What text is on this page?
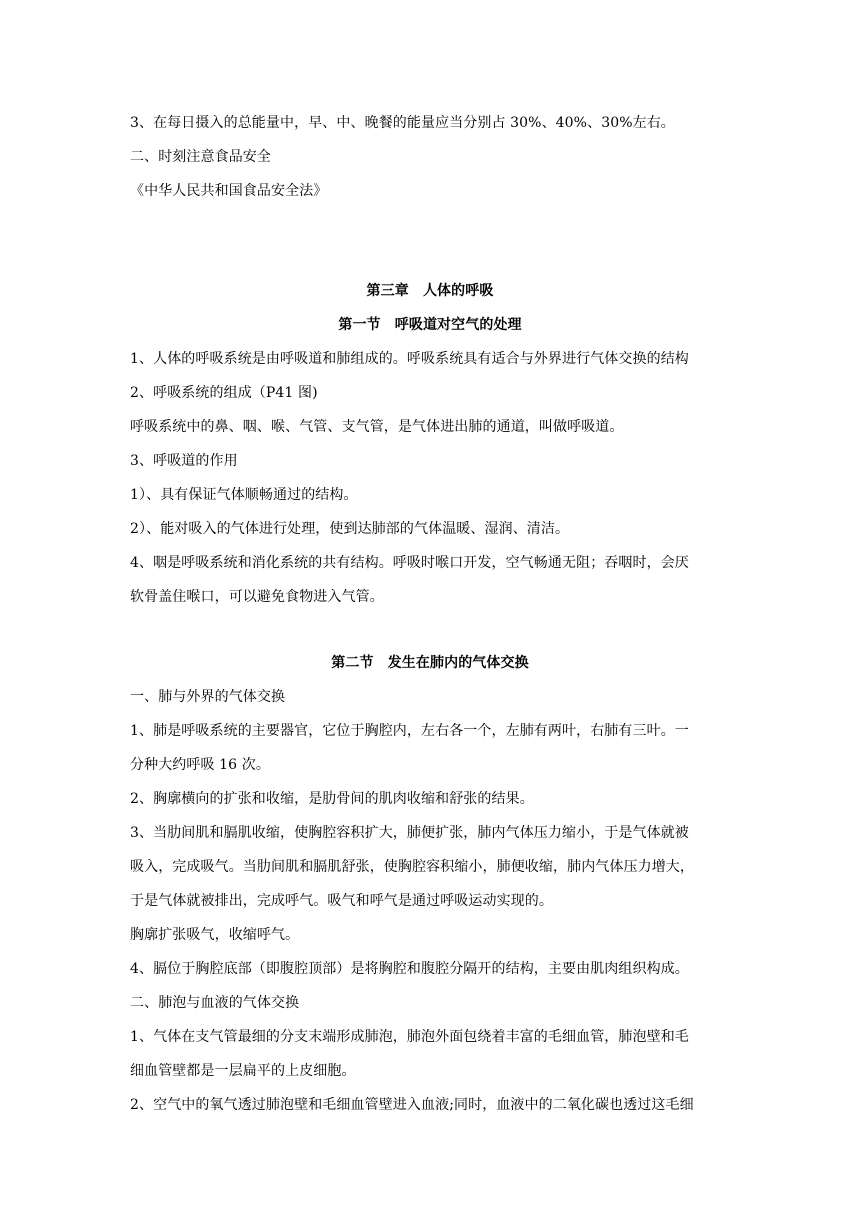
3、在每日摄入的总能量中，早、中、晚餐的能量应当分别占 30%、40%、30%左右。
二、时刻注意食品安全
《中华人民共和国食品安全法》
第三章　人体的呼吸
第一节　呼吸道对空气的处理
1、人体的呼吸系统是由呼吸道和肺组成的。呼吸系统具有适合与外界进行气体交换的结构
2、呼吸系统的组成（P41 图)
呼吸系统中的鼻、咽、喉、气管、支气管，是气体进出肺的通道，叫做呼吸道。
3、呼吸道的作用
1）、具有保证气体顺畅通过的结构。
2）、能对吸入的气体进行处理，使到达肺部的气体温暖、湿润、清洁。
4、咽是呼吸系统和消化系统的共有结构。呼吸时喉口开发，空气畅通无阻；吞咽时，会厌
软骨盖住喉口，可以避免食物进入气管。
第二节　发生在肺内的气体交换
一、肺与外界的气体交换
1、肺是呼吸系统的主要器官，它位于胸腔内，左右各一个，左肺有两叶，右肺有三叶。一
分种大约呼吸 16 次。
2、胸廓横向的扩张和收缩，是肋骨间的肌肉收缩和舒张的结果。
3、当肋间肌和膈肌收缩，使胸腔容积扩大，肺便扩张，肺内气体压力缩小，于是气体就被
吸入，完成吸气。当肋间肌和膈肌舒张，使胸腔容积缩小，肺便收缩，肺内气体压力增大，
于是气体就被排出，完成呼气。吸气和呼气是通过呼吸运动实现的。
胸廓扩张吸气，收缩呼气。
4、膈位于胸腔底部（即腹腔顶部）是将胸腔和腹腔分隔开的结构，主要由肌肉组织构成。
二、肺泡与血液的气体交换
1、气体在支气管最细的分支末端形成肺泡，肺泡外面包绕着丰富的毛细血管，肺泡壁和毛
细血管壁都是一层扁平的上皮细胞。
2、空气中的氧气透过肺泡壁和毛细血管壁进入血液;同时，血液中的二氧化碳也透过这毛细
